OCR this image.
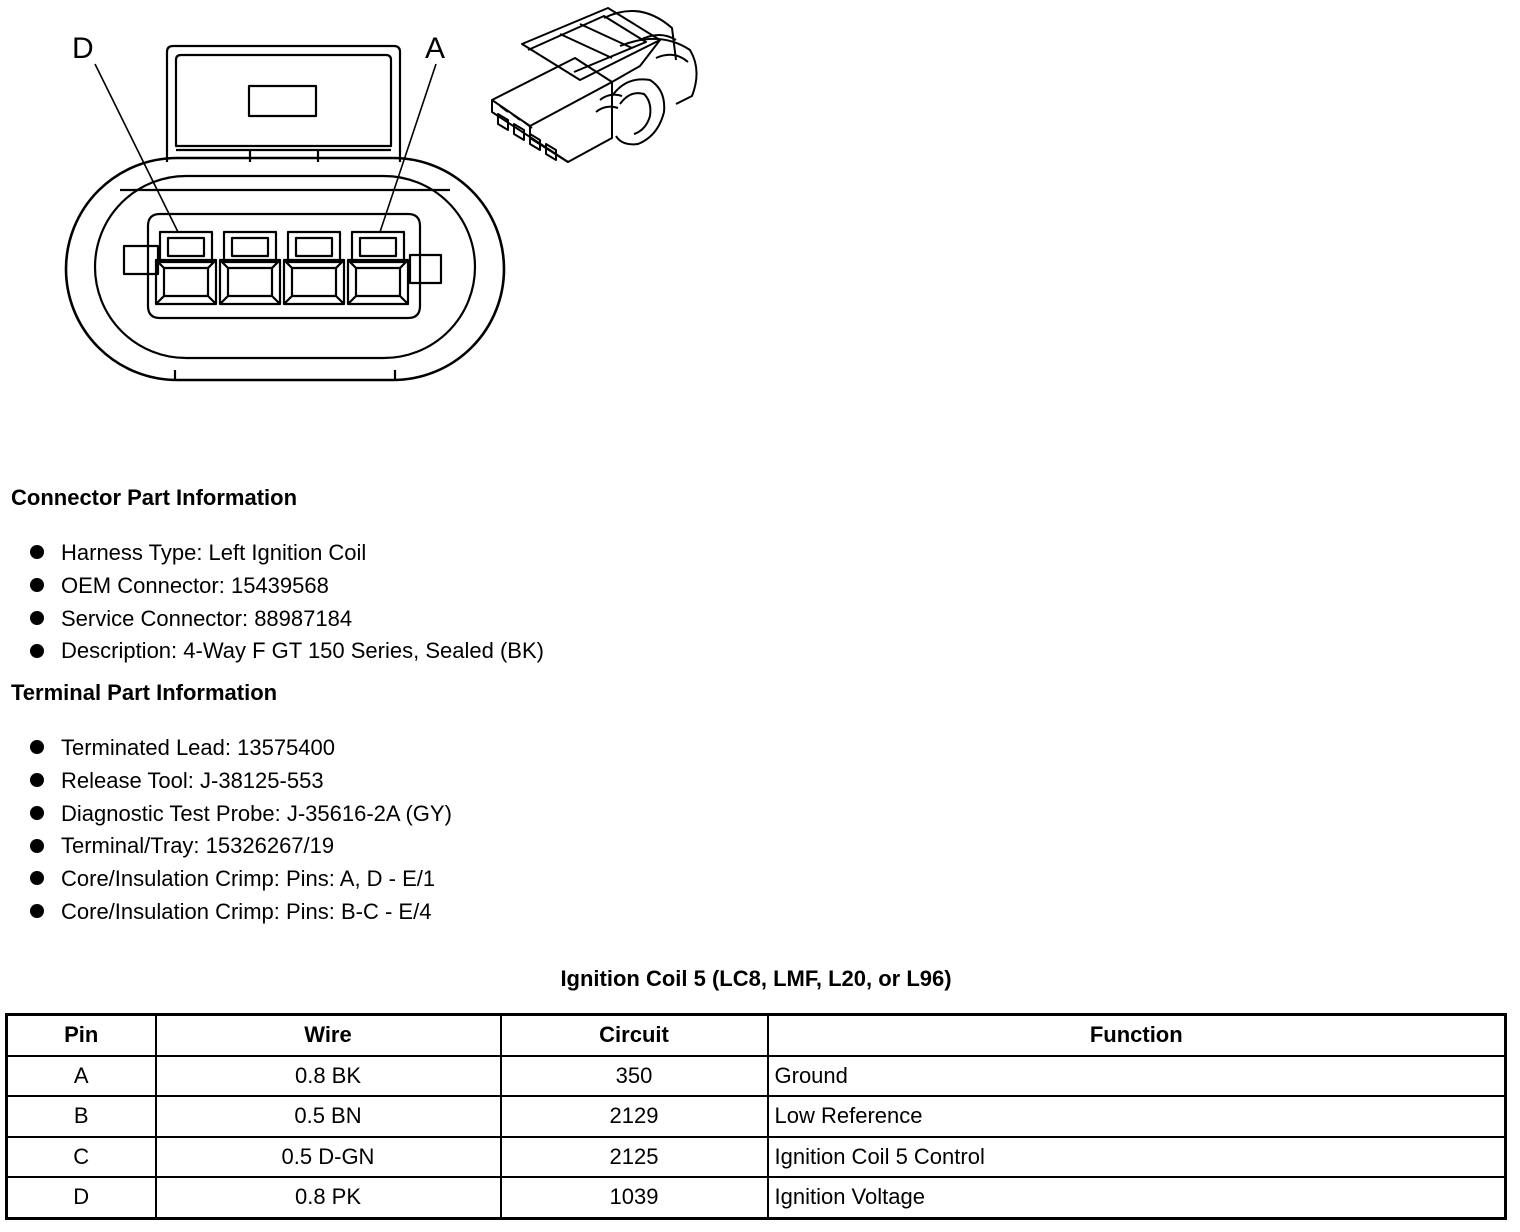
D	A
Connector Part Information
Harness Type: Left Ignition Coil
OEM Connector: 15439568
Service Connector: 88987184
Description: 4-Way F GT 150 Series, Sealed (BK)
Terminal Part Information
Terminated Lead: 13575400
Release Tool: J-38125-553
Diagnostic Test Probe: J-35616-2A (GY)
Terminal/Tray: 15326267/19
Core/Insulation Crimp: Pins: A, D - E/1
Core/Insulation Crimp: Pins: B-C - E/4
Ignition Coil 5 (LC8, LMF, L20, or L96)
Pin	Wire	Circuit	Function
A	0.8 BK	350	Ground
B	0.5 BN	2129	Low Reference
C	0.5 D-GN	2125	Ignition Coil 5 Control
D	0.8 PK	1039	Ignition Voltage
